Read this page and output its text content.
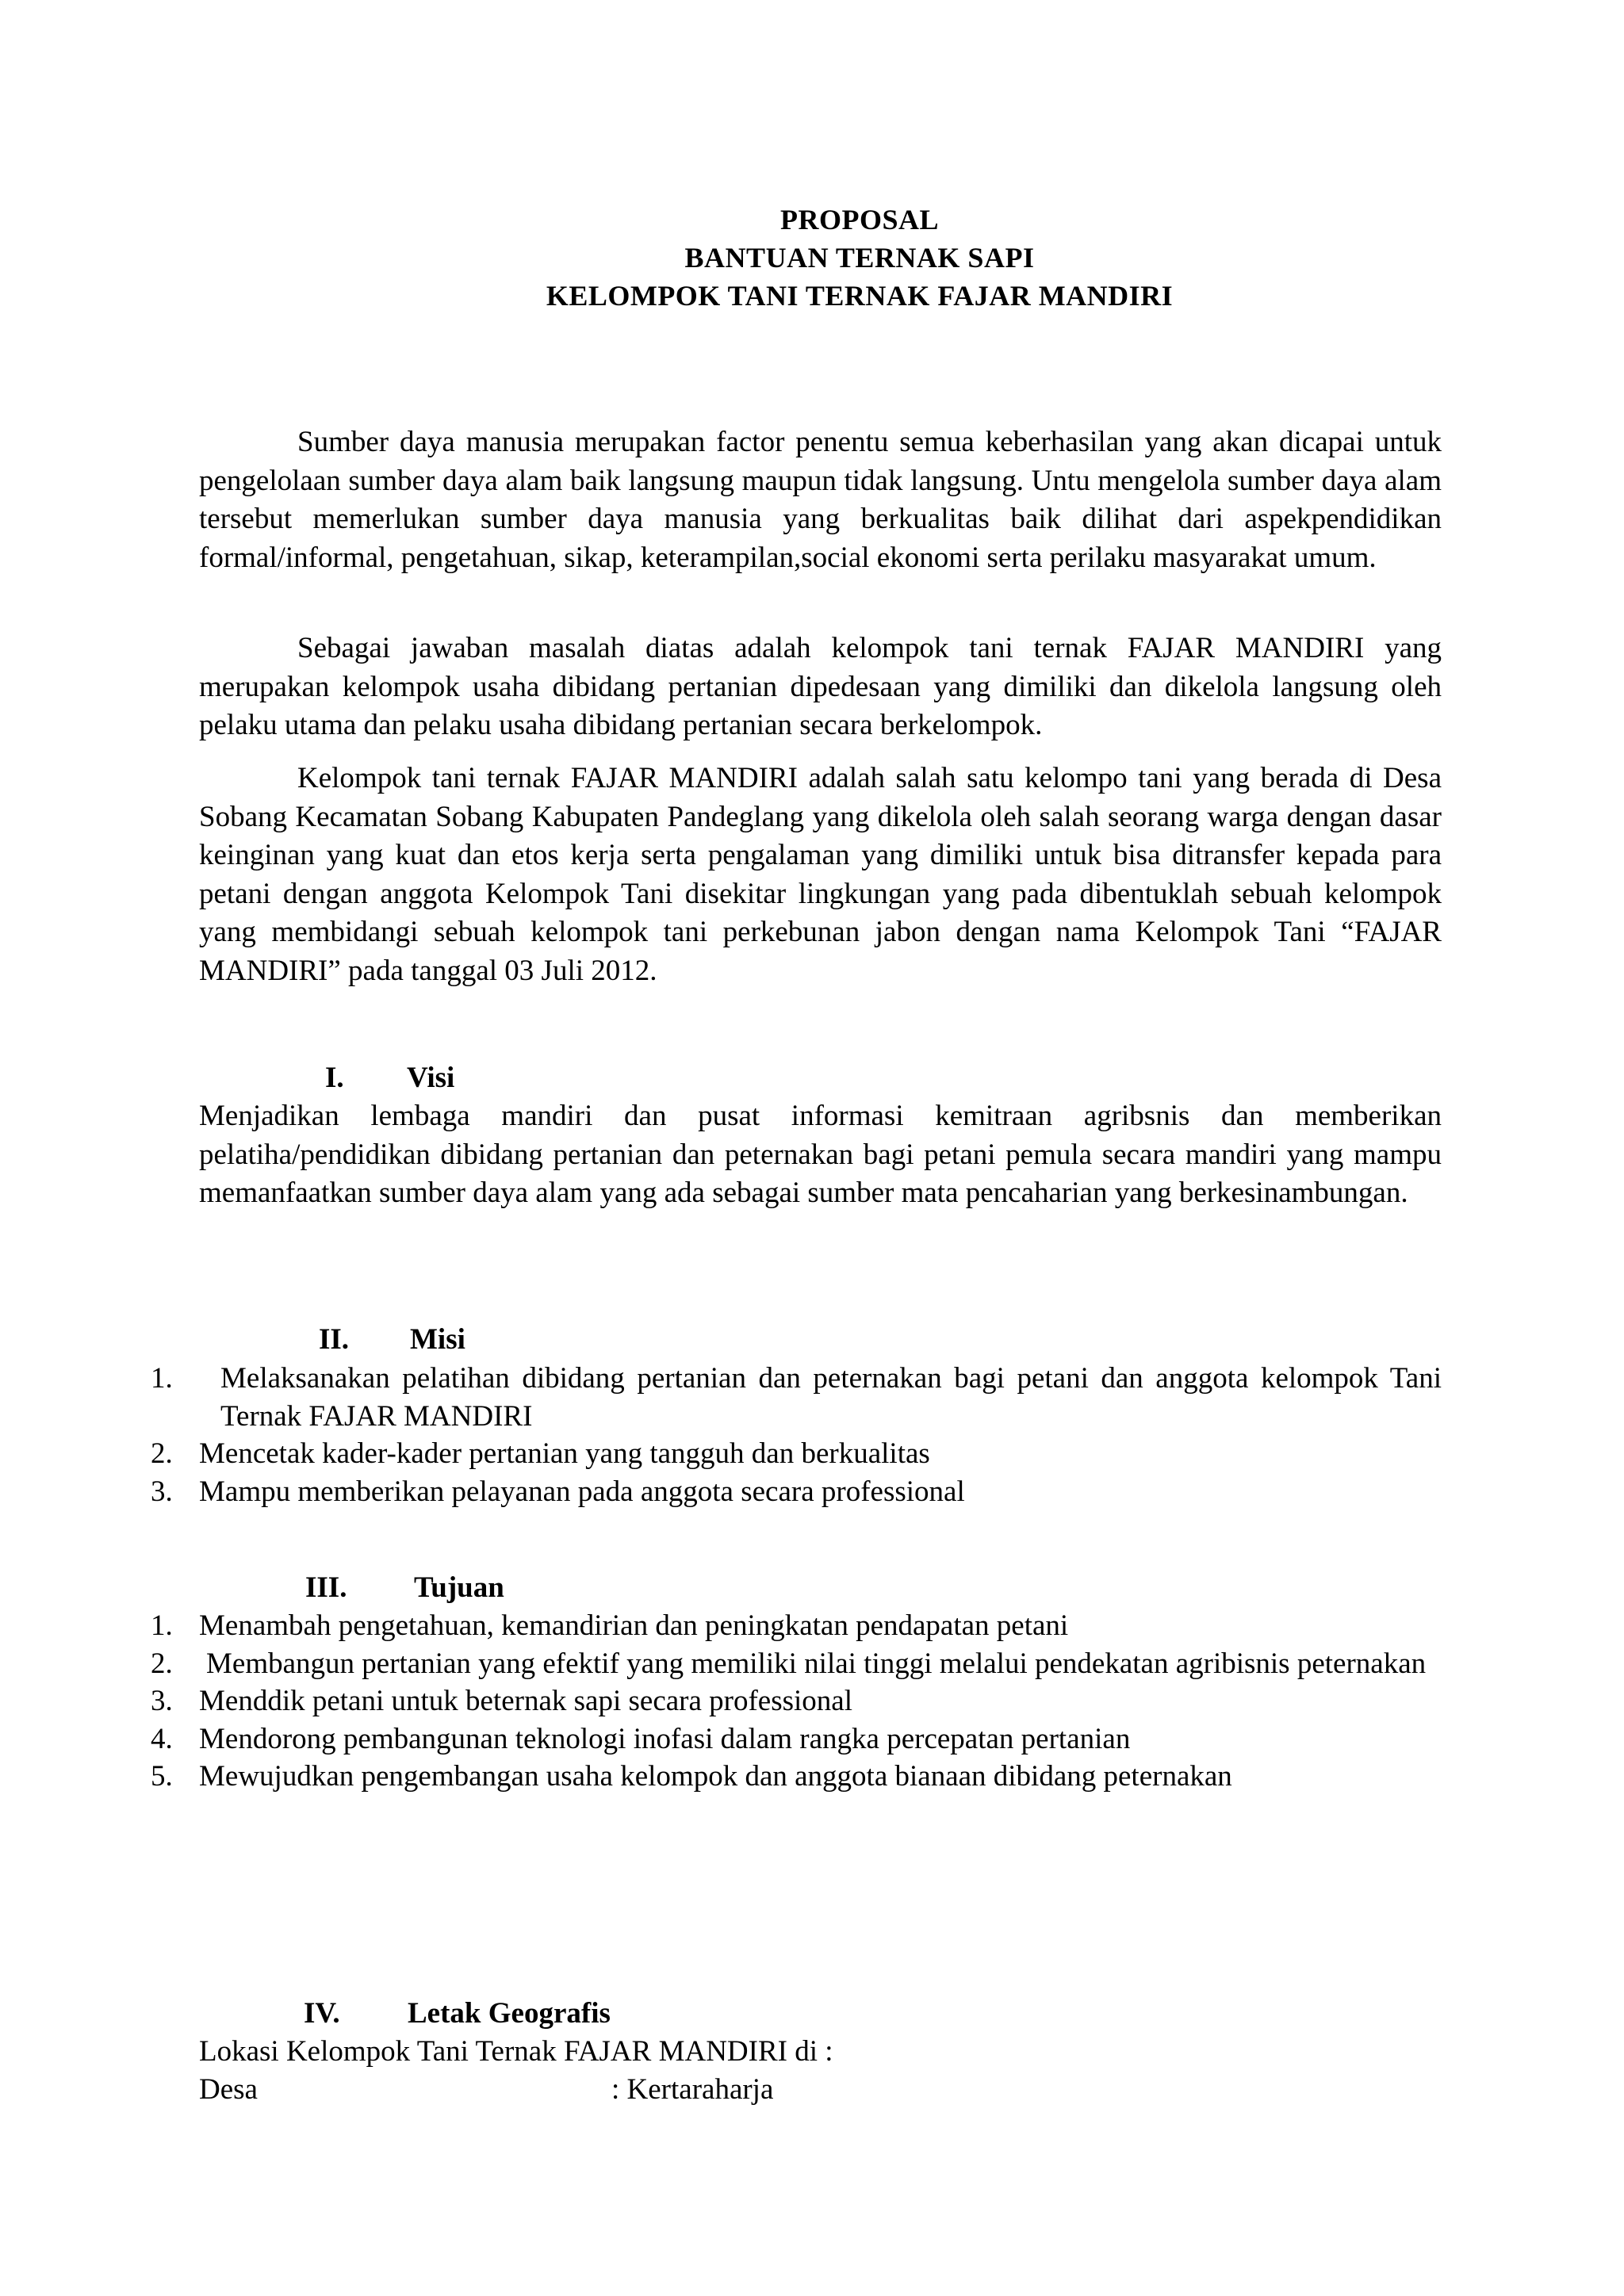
PROPOSAL
BANTUAN TERNAK SAPI
KELOMPOK TANI TERNAK FAJAR MANDIRI
Sumber daya manusia merupakan factor penentu semua keberhasilan yang akan dicapai untuk pengelolaan sumber daya alam baik langsung maupun tidak langsung. Untu mengelola sumber daya alam tersebut memerlukan sumber daya manusia yang berkualitas baik dilihat dari aspekpendidikan formal/informal, pengetahuan, sikap, keterampilan,social ekonomi serta perilaku masyarakat umum.
Sebagai jawaban masalah diatas adalah kelompok tani ternak FAJAR MANDIRI yang merupakan kelompok usaha dibidang pertanian dipedesaan yang dimiliki dan dikelola langsung oleh pelaku utama dan pelaku usaha dibidang pertanian secara berkelompok.
Kelompok tani ternak FAJAR MANDIRI adalah salah satu kelompo tani yang berada di Desa Sobang Kecamatan Sobang Kabupaten Pandeglang yang dikelola oleh salah seorang warga dengan dasar keinginan yang kuat dan etos kerja serta pengalaman yang dimiliki untuk bisa ditransfer kepada para petani dengan anggota Kelompok Tani disekitar lingkungan yang pada dibentuklah sebuah kelompok yang membidangi sebuah kelompok tani perkebunan jabon dengan nama Kelompok Tani “FAJAR MANDIRI” pada tanggal 03 Juli 2012.
I. Visi
Menjadikan lembaga mandiri dan pusat informasi kemitraan agribsnis dan memberikan pelatiha/pendidikan dibidang pertanian dan peternakan bagi petani pemula secara mandiri yang mampu memanfaatkan sumber daya alam yang ada sebagai sumber mata pencaharian yang berkesinambungan.
II. Misi
1. Melaksanakan pelatihan dibidang pertanian dan peternakan bagi petani dan anggota kelompok Tani Ternak FAJAR MANDIRI
2. Mencetak kader-kader pertanian yang tangguh dan berkualitas
3. Mampu memberikan pelayanan pada anggota secara professional
III. Tujuan
1. Menambah pengetahuan, kemandirian dan peningkatan pendapatan petani
2. Membangun pertanian yang efektif yang memiliki nilai tinggi melalui pendekatan agribisnis peternakan
3. Menddik petani untuk beternak sapi secara professional
4. Mendorong pembangunan teknologi inofasi dalam rangka percepatan pertanian
5. Mewujudkan pengembangan usaha kelompok dan anggota bianaan dibidang peternakan
IV. Letak Geografis
Lokasi Kelompok Tani Ternak FAJAR MANDIRI di :
Desa	: Kertaraharja
